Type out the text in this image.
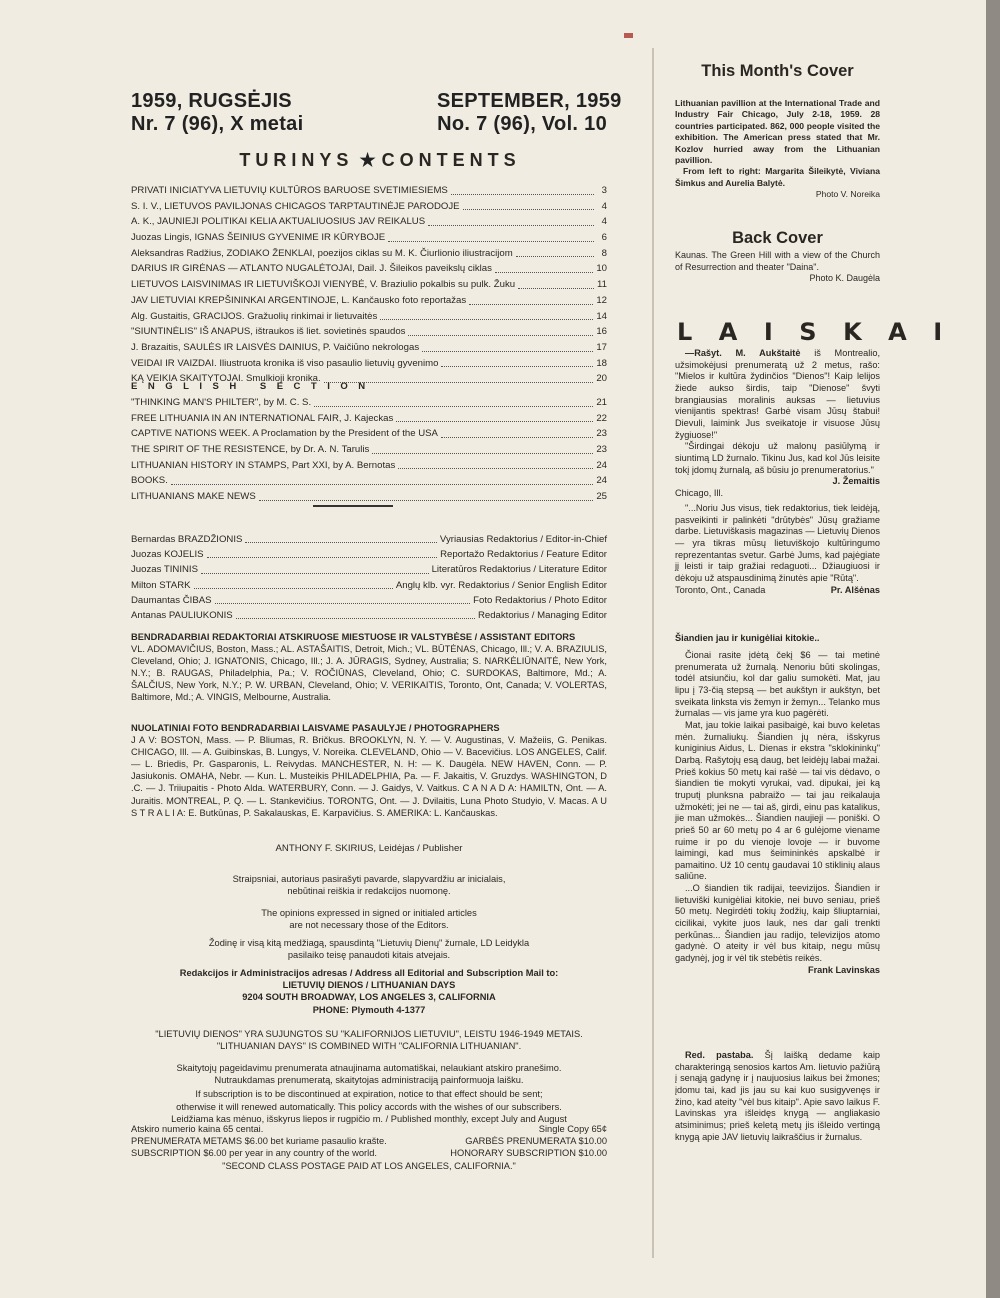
1959, RUGSĖJIS
Nr. 7 (96), X metai
SEPTEMBER, 1959
No. 7 (96), Vol. 10
TURINYS ★ CONTENTS
PRIVATI INICIATYVA LIETUVIŲ KULTŪROS BARUOSE SVETIMIESIEMS	3
S. I. V., LIETUVOS PAVILJONAS CHICAGOS TARPTAUTINĖJE PARODOJE	4
A. K., JAUNIEJI POLITIKAI KELIA AKTUALIUOSIUS JAV REIKALUS	4
Juozas Lingis, IGNAS ŠEINIUS GYVENIME IR KŪRYBOJE	6
Aleksandras Radžius, ZODIAKO ŽENKLAI, poezijos ciklas su M. K. Čiurlionio iliustracijom	8
DARIUS IR GIRĖNAS — ATLANTO NUGALĖTOJAI, Dail. J. Šileikos paveikslų ciklas	10
LIETUVOS LAISVINIMAS IR LIETUVIŠKOJI VIENYBĖ, V. Braziulio pokalbis su pulk. Žuku	11
JAV LIETUVIAI KREPŠININKAI ARGENTINOJE, L. Kančausko foto reportažas	12
Alg. Gustaitis, GRACIJOS. Gražuolių rinkimai ir lietuvaitės	14
"SIUNTINĖLIS" IŠ ANAPUS, ištraukos iš liet. sovietinės spaudos	16
J. Brazaitis, SAULĖS IR LAISVĖS DAINIUS, P. Vaičiūno nekrologas	17
VEIDAI IR VAIZDAI. Iliustruota kronika iš viso pasaulio lietuvių gyvenimo	18
KĄ VEIKIA SKAITYTOJAI. Smulkioji kronika.	20
ENGLISH SECTION
"THINKING MAN'S PHILTER", by M. C. S.	21
FREE LITHUANIA IN AN INTERNATIONAL FAIR, J. Kajeckas	22
CAPTIVE NATIONS WEEK. A Proclamation by the President of the USA	23
THE SPIRIT OF THE RESISTENCE, by Dr. A. N. Tarulis	23
LITHUANIAN HISTORY IN STAMPS, Part XXI, by A. Bernotas	24
BOOKS.	24
LITHUANIANS MAKE NEWS	25
Bernardas BRAZDŽIONIS	Vyriausias Redaktorius / Editor-in-Chief
Juozas KOJELIS	Reportažo Redaktorius / Feature Editor
Juozas TININIS	Literatūros Redaktorius / Literature Editor
Milton STARK	Anglų klb. vyr. Redaktorius / Senior English Editor
Daumantas ČIBAS	Foto Redaktorius / Photo Editor
Antanas PAULIUKONIS	Redaktorius / Managing Editor
BENDRADARBIAI REDAKTORIAI ATSKIRUOSE MIESTUOSE IR VALSTYBĖSE / ASSISTANT EDITORS
VL. ADOMAVIČIUS, Boston, Mass.; AL. ASTAŠAITIS, Detroit, Mich.; VL. BŪTĖNAS, Chicago, Ill.; V. A. BRAZIULIS, Cleveland, Ohio; J. IGNATONIS, Chicago, Ill.; J. A. JŪRAGIS, Sydney, Australia; S. NARKĖLIŪNAITĖ, New York, N.Y.; B. RAUGAS, Philadelphia, Pa.; V. ROČIŪNAS, Cleveland, Ohio; C. SURDOKAS, Baltimore, Md.; A. ŠALČIUS, New York, N.Y.; P. W. URBAN, Cleveland, Ohio; V. VERIKAITIS, Toronto, Ont, Canada; V. VOLERTAS, Baltimore, Md.; A. VINGIS, Melbourne, Australia.
NUOLATINIAI FOTO BENDRADARBIAI LAISVAME PASAULYJE / PHOTOGRAPHERS
J A V: BOSTON, Mass. — P. Bliumas, R. Bričkus. BROOKLYN, N. Y. — V. Augustinas, V. Mažeiis, G. Penikas. CHICAGO, Ill. — A. Guibinskas, B. Lungys, V. Noreika. CLEVELAND, Ohio — V. Bacevičius. LOS ANGELES, Calif.— L. Briedis, Pr. Gasparonis, L. Reivydas. MANCHESTER, N. H: — K. Daugėla. NEW HAVEN, Conn. — P. Jasiukonis. OMAHA, Nebr. — Kun. L. Musteikis PHILADELPHIA, Pa. — F. Jakaitis, V. Gruzdys. WASHINGTON, D .C. — J. Triiupaitis - Photo Alda. WATERBURY, Conn. — J. Gaidys, V. Vaitkus. C A N A D A: HAMILTN, Ont. — A. Juraitis. MONTREAL, P. Q. — L. Stankevičius. TORONTG, Ont. — J. Dvilaitis, Luna Photo Studyio, V. Macas. A U S T R A L I A: E. Butkūnas, P. Sakalauskas, E. Karpavičius. S. AMERIKA: L. Kančauskas.
ANTHONY F. SKIRIUS, Leidėjas / Publisher
Straipsniai, autoriaus pasirašyti pavarde, slapyvardžiu ar inicialais,
nebūtinai reiškia ir redakcijos nuomonę.
The opinions expressed in signed or initialed articles
are not necessary those of the Editors.
Žodinę ir visą kitą medžiagą, spausdintą "Lietuvių Dienų" žurnale, LD Leidykla
pasilaiko teisę panaudoti kitais atvejais.
Redakcijos ir Administracijos adresas / Address all Editorial and Subscription Mail to:
LIETUVIŲ DIENOS / LITHUANIAN DAYS
9204 SOUTH BROADWAY, LOS ANGELES 3, CALIFORNIA
PHONE: Plymouth 4-1377
"LIETUVIŲ DIENOS" YRA SUJUNGTOS SU "KALIFORNIJOS LIETUVIU", LEISTU 1946-1949 METAIS.
"LITHUANIAN DAYS" IS COMBINED WITH "CALIFORNIA LITHUANIAN".
Skaitytojų pageidavimu prenumerata atnaujinama automatiškai, nelaukiant atskiro pranešimo.
Nutraukdamas prenumeratą, skaitytojas administraciją painformuoja laišku.
If subscription is to be discontinued at expiration, notice to that effect should be sent;
otherwise it will renewed automatically. This policy accords with the wishes of our subscribers.
Leidžiama kas mėnuo, išskyrus liepos ir rugpičio m. / Published monthly, except July and August
Atskiro numerio kaina 65 centai.	Single Copy 65¢
PRENUMERATA METAMS $6.00 bet kuriame pasaulio krašte.	GARBĖS PRENUMERATA $10.00
SUBSCRIPTION $6.00 per year in any country of the world.	HONORARY SUBSCRIPTION $10.00
"SECOND CLASS POSTAGE PAID AT LOS ANGELES, CALIFORNIA."
This Month's Cover
Lithuanian pavillion at the International Trade and Industry Fair Chicago, July 2-18, 1959. 28 countries participated. 862, 000 people visited the exhibition. The American press stated that Mr. Kozlov hurried away from the Lithuanian pavillion.
From left to right: Margarita Šileikytė, Viviana Šimkus and Aurelia Balytė.
Photo V. Noreika
Back Cover
Kaunas. The Green Hill with a view of the Church of Resurrection and theater "Daina".
Photo K. Daugėla
LAISKAI

—Rašyt. M. Aukštaitė iš Montrealio, užsimokėjusi prenumeratą už 2 metus, rašo: "Mielos ir kultūra žydinčios "Dienos"! Kaip lelijos žiede aukso širdis, taip "Dienose" švyti brangiausias moralinis auksas — lietuvius vienijantis spektras! Garbė visam Jūsų štabui! Dievuli, laimink Jus sveikatoje ir visuose Jūsų žygiuose!"

"Širdingai dėkoju už malonų pasiūlymą ir siuntimą LD žurnalo. Tikinu Jus, kad kol Jūs leisite tokį įdomų žurnalą, aš būsiu jo prenumeratorius."

J. Žemaitis
Chicago, Ill.

"...Noriu Jus visus, tiek redaktorius, tiek leidėją, pasveikinti ir palinkėti "drūtybės" Jūsų gražiame darbe. Lietuviškasis magazinas — Lietuvių Dienos — yra tikras mūsų lietuviškojo kultūringumo reprezentantas svetur. Garbė Jums, kad pajėgiate jį leisti ir taip gražiai redaguoti... Džiaugiuosi ir dėkoju už atspausdinimą žinutės apie "Rūtą".
Pr. Alšėnas

Toronto, Ont., Canada
Šiandien jau ir kunigėliai kitokie..

Čionai rasite įdėtą čekį $6 — tai metinė prenumerata už žurnalą. Nenoriu būti skolingas, todėl atsiunčiu, kol dar galiu sumokėti. Mat, jau lipu į 73-čią stepsą — bet aukštyn ir aukštyn, bet sveikata linksta vis žemyn ir žemyn... Telanko mus žurnalas — vis jame yra kuo pagėrėti.

Mat, jau tokie laikai pasibaigė, kai buvo keletas mėn. žurnaliukų. Šiandien jų nėra, išskyrus kuniginius Aidus, L. Dienas ir ekstra "sklokininkų" Darbą. Rašytojų esą daug, bet leidėjų labai mažai. Prieš kokius 50 metų kai rašė — tai vis dėdavo, o šiandien tie mokyti vyrukai, vad. dipukai, jei ką truputį plunksna pabraižo — tai jau reikalauja užmokėti; jei ne — tai aš, girdi, einu pas katalikus, jie man užmokės... Šiandien naujieji — poniški. O prieš 50 ar 60 metų po 4 ar 6 gulėjome viename ruime ir po du vienoje lovoje — ir buvome laimingi, kad mus šeimininkės apskalbė ir pamaitino. Už 10 centų gaudavai 10 stiklinių alaus saliūne.

...O šiandien tik radijai, teevizijos. Šiandien ir lietuviški kunigėliai kitokie, nei buvo seniau, prieš 50 metų. Negirdėti tokių žodžių, kaip šliuptarniai, cicilikai, vykite juos lauk, nes dar gali trenkti perkūnas... Šiandien jau radijo, televizijos atomo gadynė. O ateity ir vėl bus kitaip, negu mūsų gadynėj, jog ir vėl tik stebėtis reikės.

Frank Lavinskas

Red. pastaba. Šį laišką dedame kaip charakteringą senosios kartos Am. lietuvio pažiūrą į senąją gadynę ir į naujuosius laikus bei žmones; įdomu tai, kad jis jau su kai kuo susigyvenęs ir žino, kad ateity "vėl bus kitaip". Apie savo laikus F. Lavinskas yra išleidęs knygą — angliakasio atsiminimus; prieš keletą metų jis išleido vertingą knygą apie JAV lietuvių laikraščius ir žurnalus.
